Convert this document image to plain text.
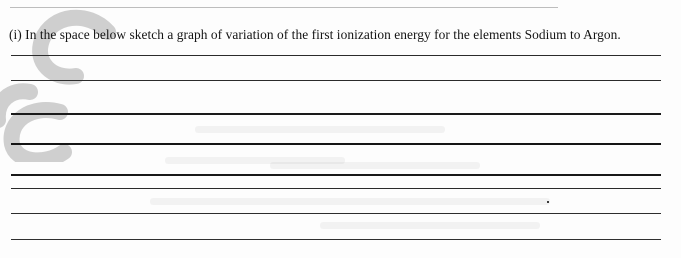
(i) In the space below sketch a graph of variation of the first ionization energy for the elements Sodium to Argon.
